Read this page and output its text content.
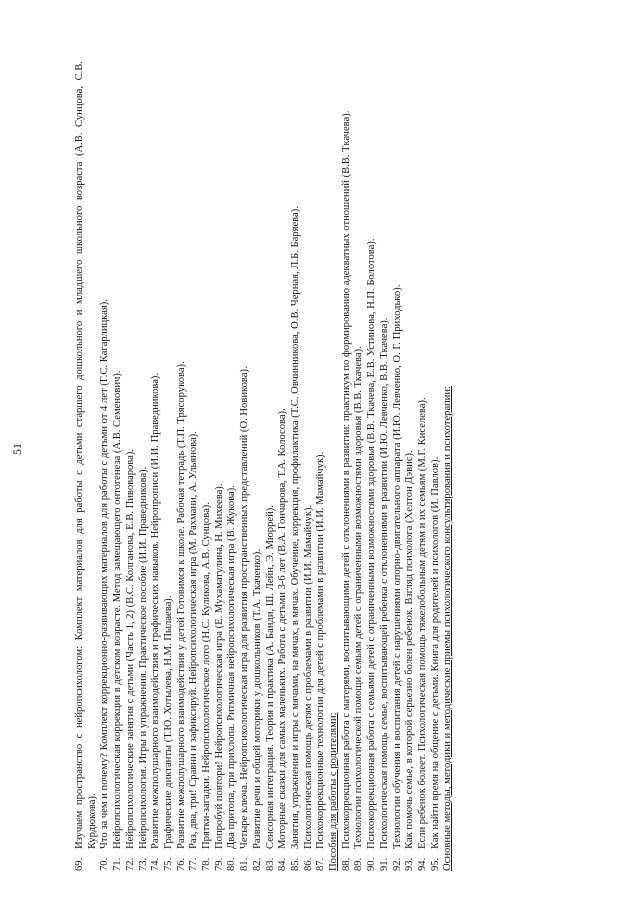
51
69.
Изучаем пространство с нейропсихологом: Комплект материалов для работы с детьми старшего дошкольного и младшего школьного возраста (А.В. Сунцова, С.В. Курдюкова).
70.
Что за чем и почему? Комплект коррекционно-развивающих материалов для работы с детьми от 4 лет (Г.С. Кагарлицкая).
71.
Нейропсихологическая коррекция в детском возрасте. Метод замещающего онтогенеза (А.В. Семенович).
72.
Нейропсихологические занятия с детьми (Часть 1, 2) (В.С. Колганова, Е.В. Пивоварова).
73.
Нейропсихология. Игры и упражнения. Практическое пособие (И.И. Праведникова).
74.
Развитие межполушарного взаимодействия и графических навыков. Нейропрописи (И.И. Праведникова).
75.
Графические диктанты (Т.Ю. Хотылева, Н.М. Пылаева).
76.
Развитие межполушарного взаимодействия у детей Готовимся к школе. Рабочая тетрадь (Т.П. Трясорукова).
77.
Раз, два, три! Сравни и зафиксируй. Нейропсихологическая игра (М. Рахмани, А. Ульянова).
78.
Прятки-загадки. Нейропсихологическое лото (Н.С. Куликова, А.В. Сунцова).
79.
Попробуй повтори! Нейропсихологическая игра (Е. Мухаматулина, Н. Михеева).
80.
Два притопа, три прихлопа. Ритмичная нейропсихологическая игра (В. Жукова).
81.
Четыре ключа. Нейропсихологическая игра для развития пространственных представлений (О. Новикова).
82.
Развитие речи и общей моторики у дошкольников (Т.А. Ткаченко).
83.
Сенсорная интеграция. Теория и практика (А. Банди, Ш. Лейн, Э. Мюррей).
84.
Моторные сказки для самых маленьких. Работа с детьми 3-6 лет (В.А. Гончарова, Т.А. Колосова).
85.
Занятия, упражнения и игры с мячами, на мячах, в мячах. Обучение, коррекция, профилактика (Т.С. Овчинникова, О.В. Черная, Л.Б. Баряева).
86.
Психологическая помощь детям с проблемами в развитии (И.И. Мамайчук).
87.
Психокоррекционные технологии для детей с проблемами в развитии (И.И. Мамайчук). Пособия для работы с родителями: 88.
Психокоррекционная работа с матерями, воспитывающими детей с отклонениями в развитии: практикум по формированию адекватных отношений (В.В. Ткачева).
89.
Технологии психологической помощи семьям детей с ограниченными возможностями здоровья (В.В. Ткачева).
90.
Психокоррекционная работа с семьями детей с ограниченными возможностями здоровья (В.В. Ткачева, Е.В. Устинова, Н.П. Болотова).
91.
Психологическая помощь семье, воспитывающей ребенка с отклонениями в развитии (И.Ю. Левченко, В.В. Ткачева).
92.
Технологии обучения и воспитания детей с нарушениями опорно-двигательного аппарата (И.Ю. Левченко, О. Г. Приходько).
93.
Как помочь семье, в которой серьезно болен ребенок. Взгляд психолога (Хелтон Дэвис).
94.
Если ребенок болеет. Психологическая помощь тяжелобольным детям и их семьям (М.Г. Киселева).
95.
Как найти время на общение с детьми. Книга для родителей и психологов (И. Павлов). Основные методы, методики и методические приемы психологического консультирования и психотерапии:
